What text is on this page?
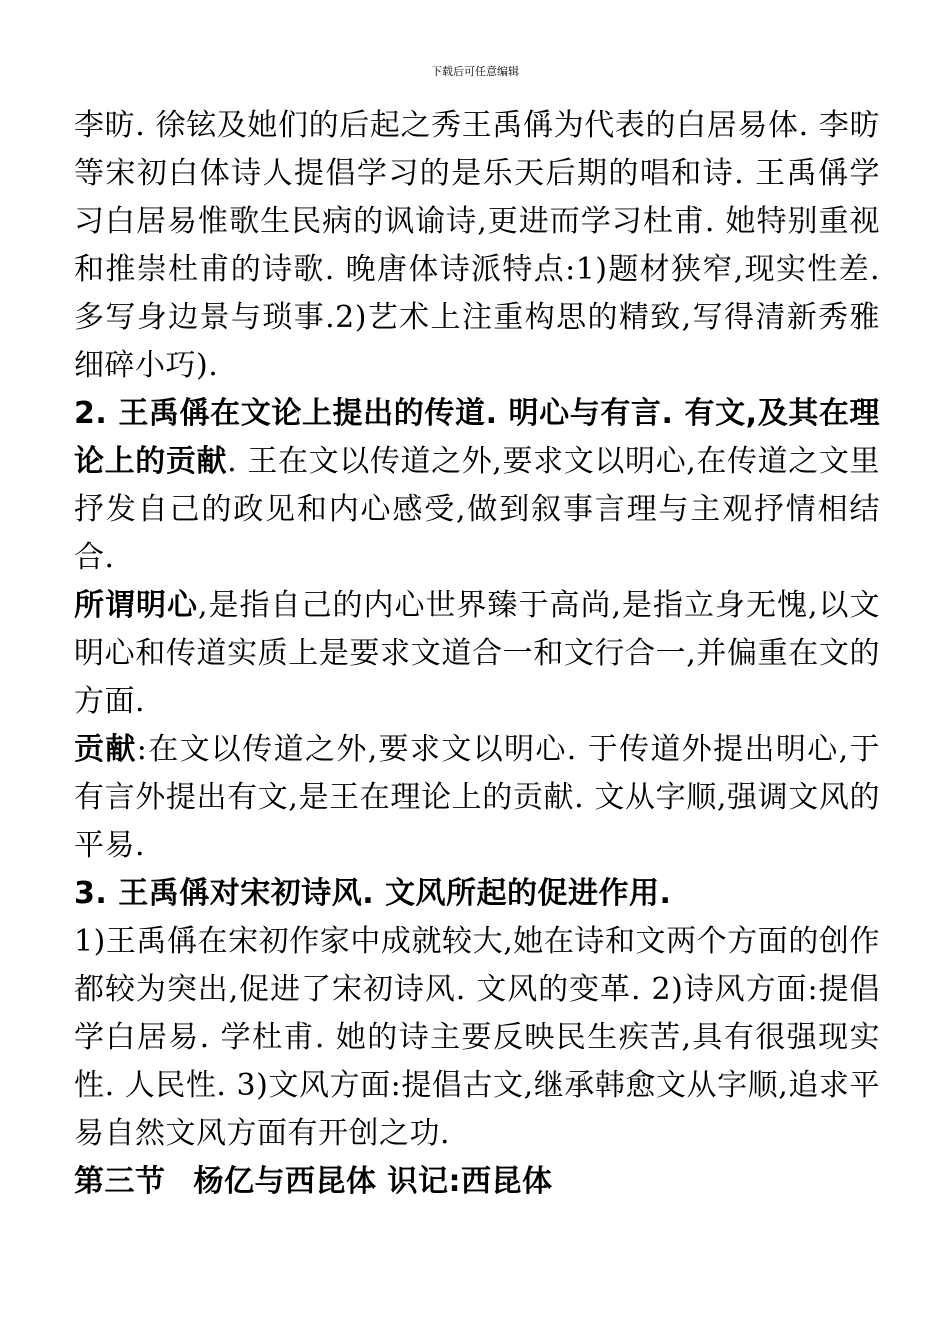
下载后可任意编辑

李昉. 徐铉及她们的后起之秀王禹偁为代表的白居易体. 李昉等宋初白体诗人提倡学习的是乐天后期的唱和诗. 王禹偁学习白居易惟歌生民病的讽谕诗,更进而学习杜甫. 她特别重视和推崇杜甫的诗歌. 晚唐体诗派特点:1)题材狭窄,现实性差. 多写身边景与琐事.2)艺术上注重构思的精致,写得清新秀雅细碎小巧).

2. 王禹偁在文论上提出的传道. 明心与有言. 有文,及其在理论上的贡献. 王在文以传道之外,要求文以明心,在传道之文里抒发自己的政见和内心感受,做到叙事言理与主观抒情相结合.

所谓明心,是指自己的内心世界臻于高尚,是指立身无愧,以文明心和传道实质上是要求文道合一和文行合一,并偏重在文的方面.

贡献:在文以传道之外,要求文以明心. 于传道外提出明心,于有言外提出有文,是王在理论上的贡献. 文从字顺,强调文风的平易.

3. 王禹偁对宋初诗风. 文风所起的促进作用.

1)王禹偁在宋初作家中成就较大,她在诗和文两个方面的创作都较为突出,促进了宋初诗风. 文风的变革. 2)诗风方面:提倡学白居易. 学杜甫. 她的诗主要反映民生疾苦,具有很强现实性. 人民性. 3)文风方面:提倡古文,继承韩愈文从字顺,追求平易自然文风方面有开创之功.

第三节 杨亿与西昆体 识记:西昆体
